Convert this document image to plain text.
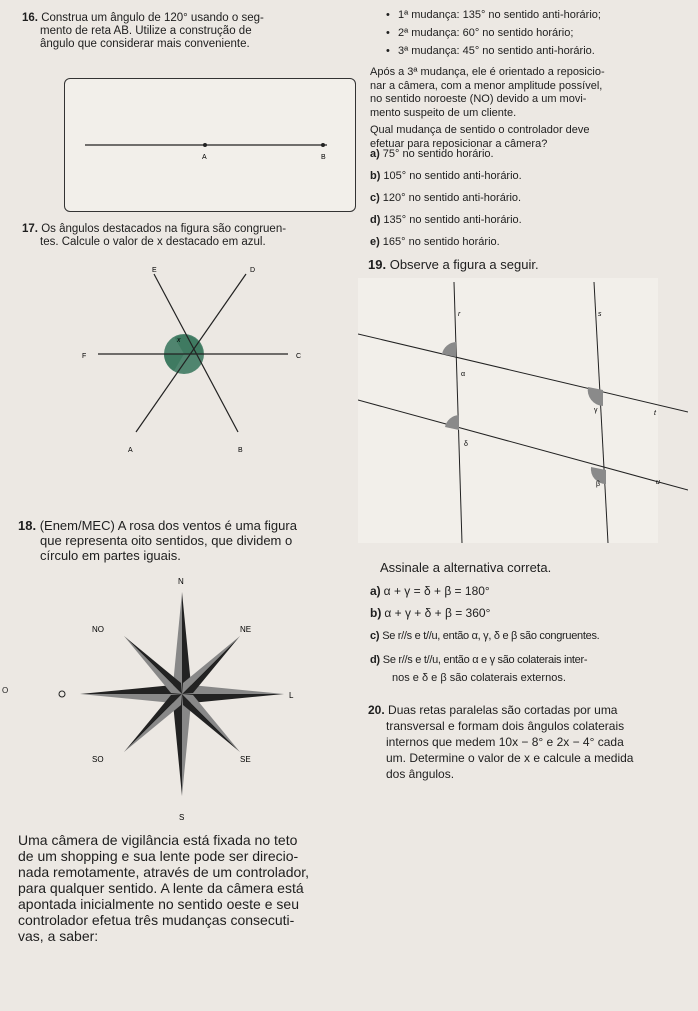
16. Construa um ângulo de 120° usando o seg-
mento de reta AB. Utilize a construção de
ângulo que considerar mais conveniente.
A	B
17. Os ângulos destacados na figura são congruen-
tes. Calcule o valor de x destacado em azul.
E	D
F	C
A	B
x
18. (Enem/MEC) A rosa dos ventos é uma figura
que representa oito sentidos, que dividem o
círculo em partes iguais.
N
S
L
NO	NE
SO	SE
O
Uma câmera de vigilância está fixada no teto
de um shopping e sua lente pode ser direcio-
nada remotamente, através de um controlador,
para qualquer sentido. A lente da câmera está
apontada inicialmente no sentido oeste e seu
controlador efetua três mudanças consecuti-
vas, a saber:
• 1ª mudança: 135° no sentido anti-horário;
• 2ª mudança: 60° no sentido horário;
• 3ª mudança: 45° no sentido anti-horário.
Após a 3ª mudança, ele é orientado a reposicio-
nar a câmera, com a menor amplitude possível,
no sentido noroeste (NO) devido a um movi-
mento suspeito de um cliente.
Qual mudança de sentido o controlador deve
efetuar para reposicionar a câmera?
a) 75° no sentido horário.
b) 105° no sentido anti-horário.
c) 120° no sentido anti-horário.
d) 135° no sentido anti-horário.
e) 165° no sentido horário.
19. Observe a figura a seguir.
r	s
t
u
α
γ
δ
β
Assinale a alternativa correta.
a) α + γ = δ + β = 180°
b) α + γ + δ + β = 360°
c) Se r//s e t//u, então α, γ, δ e β são congruentes.
d) Se r//s e t//u, então α e γ são colaterais inter-
nos e δ e β são colaterais externos.
20. Duas retas paralelas são cortadas por uma
transversal e formam dois ângulos colaterais
internos que medem 10x − 8° e 2x − 4° cada
um. Determine o valor de x e calcule a medida
dos ângulos.
